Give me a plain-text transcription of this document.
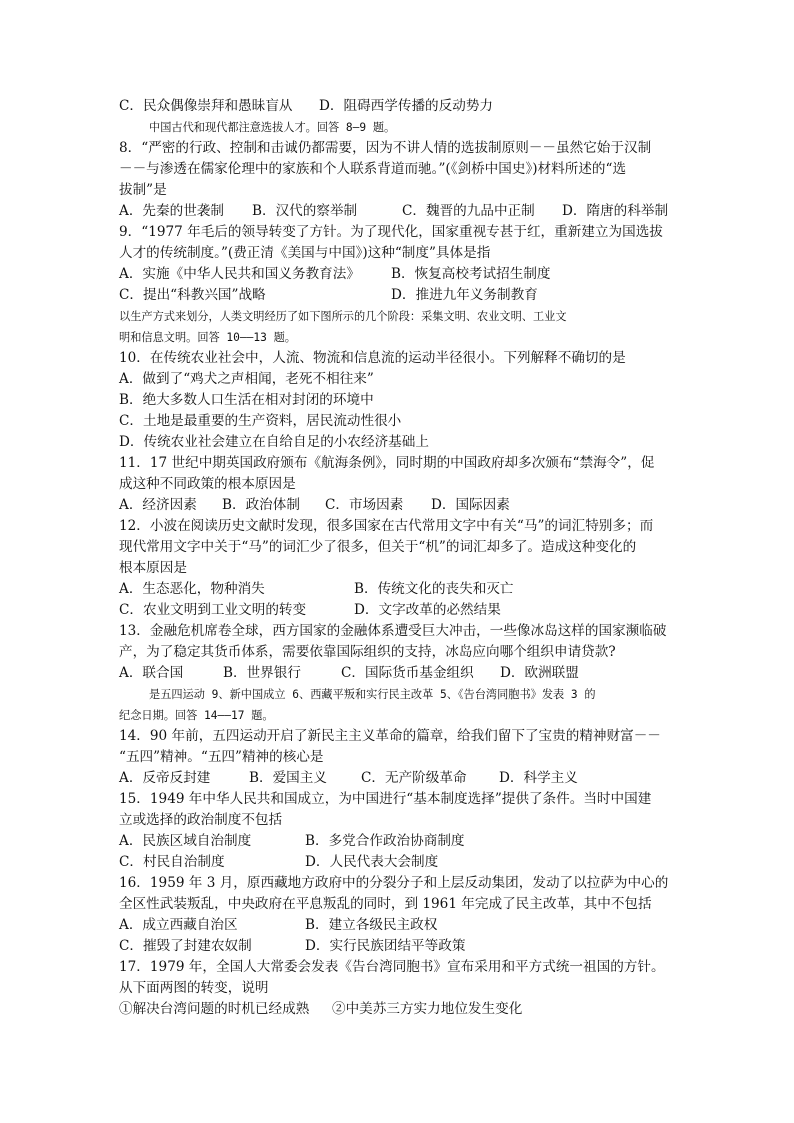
C．民众偶像崇拜和愚昧盲从 D．阻碍西学传播的反动势力
中国古代和现代都注意选拔人才。回答 8—9 题。
8．“严密的行政、控制和击诚仍都需要，因为不讲人情的选拔制原则－－虽然它始于汉制
－－与渗透在儒家伦理中的家族和个人联系背道而驰。”(《剑桥中国史》)材料所述的“选
拔制”是
A．先秦的世袭制 B．汉代的察举制	C．魏晋的九品中正制 D．隋唐的科举制
9．“1977 年毛后的领导转变了方针。为了现代化，国家重视专甚于红，重新建立为国选拔
人才的传统制度。”(费正清《美国与中国》)这种“制度”具体是指
A．实施《中华人民共和国义务教育法》 B．恢复高校考试招生制度
C．提出“科教兴国”战略	D．推进九年义务制教育
以生产方式来划分，人类文明经历了如下图所示的几个阶段：采集文明、农业文明、工业文
明和信息文明。回答 10——13 题。
10．在传统农业社会中，人流、物流和信息流的运动半径很小。下列解释不确切的是
A．做到了“鸡犬之声相闻，老死不相往来”
B．绝大多数人口生活在相对封闭的环境中
C．土地是最重要的生产资料，居民流动性很小
D．传统农业社会建立在自给自足的小农经济基础上
11．17 世纪中期英国政府颁布《航海条例》，同时期的中国政府却多次颁布“禁海令”，促
成这种不同政策的根本原因是
A．经济因素 B．政治体制 C．市场因素 D．国际因素
12．小波在阅读历史文献时发现，很多国家在古代常用文字中有关“马”的词汇特别多；而
现代常用文字中关于“马”的词汇少了很多，但关于“机”的词汇却多了。造成这种变化的
根本原因是
A．生态恶化，物种消失	B．传统文化的丧失和灭亡
C．农业文明到工业文明的转变	D．文字改革的必然结果
13．金融危机席卷全球，西方国家的金融体系遭受巨大冲击，一些像冰岛这样的国家濒临破
产，为了稳定其货币体系，需要依靠国际组织的支持，冰岛应向哪个组织申请贷款?
A．联合国	B．世界银行	C．国际货币基金组织 D．欧洲联盟
是五四运动 9、新中国成立 6、西藏平叛和实行民主改革 5、《告台湾同胞书》发表 3 的
纪念日期。回答 14——17 题。
14．90 年前，五四运动开启了新民主主义革命的篇章，给我们留下了宝贵的精神财富－－
“五四”精神。“五四”精神的核心是
A．反帝反封建	B．爱国主义	C．无产阶级革命 D．科学主义
15．1949 年中华人民共和国成立，为中国进行“基本制度选择”提供了条件。当时中国建
立或选择的政治制度不包括
A．民族区域自治制度	B．多党合作政治协商制度
C．村民自治制度	D．人民代表大会制度
16．1959 年 3 月，原西藏地方政府中的分裂分子和上层反动集团，发动了以拉萨为中心的
全区性武装叛乱，中央政府在平息叛乱的同时，到 1961 年完成了民主改革，其中不包括
A．成立西藏自治区	B．建立各级民主政权
C．摧毁了封建农奴制	D．实行民族团结平等政策
17．1979 年，全国人大常委会发表《告台湾同胞书》宣布采用和平方式统一祖国的方针。
从下面两图的转变，说明
①解决台湾问题的时机已经成熟 ②中美苏三方实力地位发生变化
